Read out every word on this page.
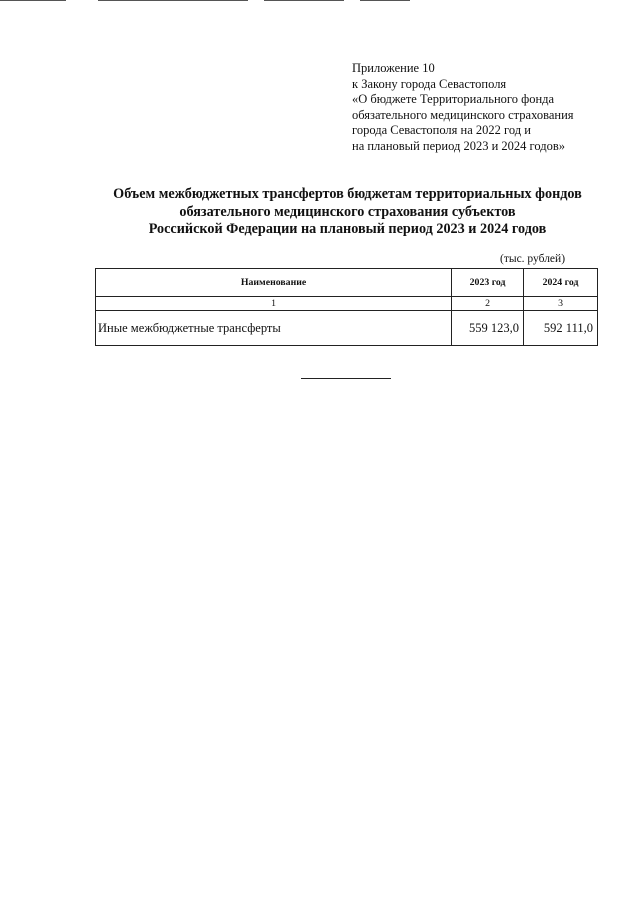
Приложение 10
к Закону города Севастополя
«О бюджете Территориального фонда
обязательного медицинского страхования
города Севастополя на 2022 год и
на плановый период 2023 и 2024 годов»
Объем межбюджетных трансфертов бюджетам территориальных фондов
обязательного медицинского страхования субъектов
Российской Федерации на плановый период 2023 и 2024 годов
(тыс. рублей)
Наименование	2023 год	2024 год
1	2	3
Иные межбюджетные трансферты	559 123,0	592 111,0
